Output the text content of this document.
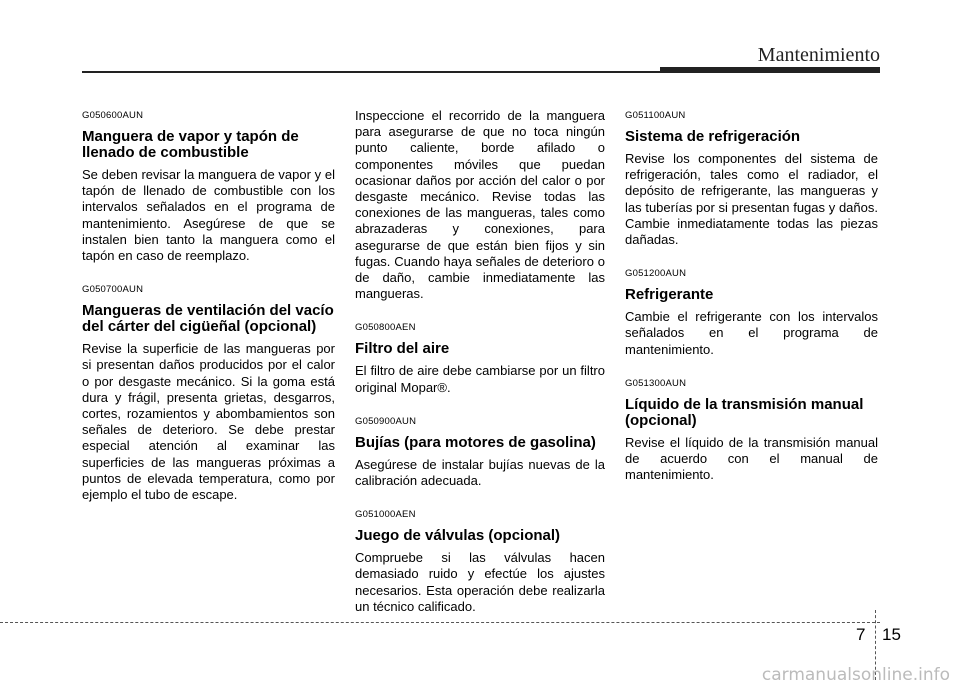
Mantenimiento
G050600AUN
Manguera de vapor y tapón de llenado de combustible

Se deben revisar la manguera de vapor y el tapón de llenado de combustible con los intervalos señalados en el programa de mantenimiento. Asegúrese de que se instalen bien tanto la manguera como el tapón en caso de reemplazo.

G050700AUN
Mangueras de ventilación del vacío del cárter del cigüeñal (opcional)

Revise la superficie de las mangueras por si presentan daños producidos por el calor o por desgaste mecánico. Si la goma está dura y frágil, presenta grietas, desgarros, cortes, rozamientos y abombamientos son señales de deterioro. Se debe prestar especial atención al examinar las superficies de las mangueras próximas a puntos de elevada temperatura, como por ejemplo el tubo de escape.

Inspeccione el recorrido de la manguera para asegurarse de que no toca ningún punto caliente, borde afilado o componentes móviles que puedan ocasionar daños por acción del calor o por desgaste mecánico. Revise todas las conexiones de las mangueras, tales como abrazaderas y conexiones, para asegurarse de que están bien fijos y sin fugas. Cuando haya señales de deterioro o de daño, cambie inmediatamente las mangueras.

G050800AEN
Filtro del aire

El filtro de aire debe cambiarse por un filtro original Mopar®.

G050900AUN
Bujías (para motores de gasolina)

Asegúrese de instalar bujías nuevas de la calibración adecuada.

G051000AEN
Juego de válvulas (opcional)

Compruebe si las válvulas hacen demasiado ruido y efectúe los ajustes necesarios. Esta operación debe realizarla un técnico calificado.

G051100AUN
Sistema de refrigeración

Revise los componentes del sistema de refrigeración, tales como el radiador, el depósito de refrigerante, las mangueras y las tuberías por si presentan fugas y daños. Cambie inmediatamente todas las piezas dañadas.

G051200AUN
Refrigerante

Cambie el refrigerante con los intervalos señalados en el programa de mantenimiento.

G051300AUN
Líquido de la transmisión manual (opcional)

Revise el líquido de la transmisión manual de acuerdo con el manual de mantenimiento.

7 15
carmanualsonline.info
